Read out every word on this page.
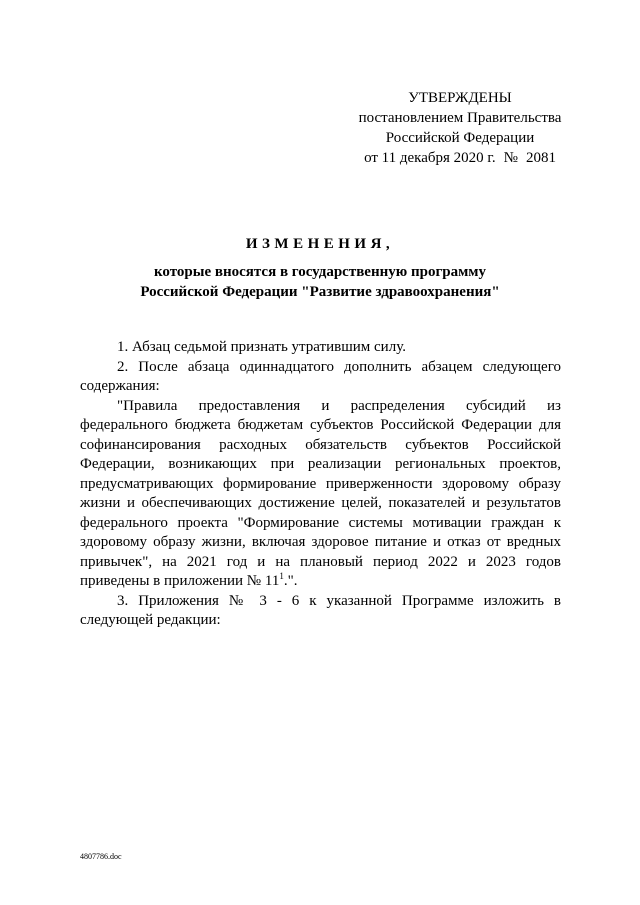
УТВЕРЖДЕНЫ
постановлением Правительства
Российской Федерации
от 11 декабря 2020 г. № 2081
ИЗМЕНЕНИЯ,
которые вносятся в государственную программу
Российской Федерации "Развитие здравоохранения"

1. Абзац седьмой признать утратившим силу.

2. После абзаца одиннадцатого дополнить абзацем следующего содержания:

"Правила предоставления и распределения субсидий из федерального бюджета бюджетам субъектов Российской Федерации для софинансирования расходных обязательств субъектов Российской Федерации, возникающих при реализации региональных проектов, предусматривающих формирование приверженности здоровому образу жизни и обеспечивающих достижение целей, показателей и результатов федерального проекта "Формирование системы мотивации граждан к здоровому образу жизни, включая здоровое питание и отказ от вредных привычек", на 2021 год и на плановый период 2022 и 2023 годов приведены в приложении № $11^1$.".

3. Приложения № 3 - 6 к указанной Программе изложить в следующей редакции:

4807786.doc
